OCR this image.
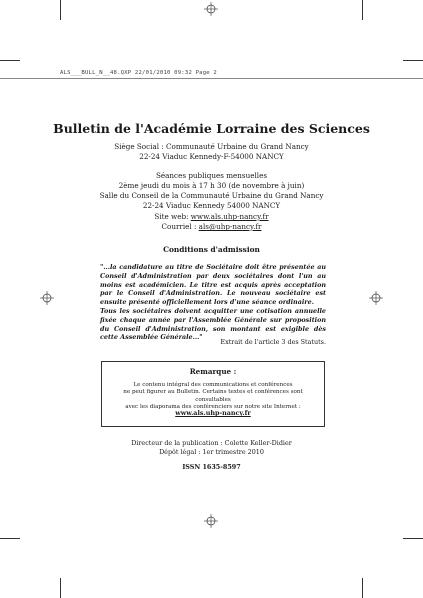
ALS___BULL_N__48.QXP 22/01/2010 09:32 Page 2
Bulletin de l'Académie Lorraine des Sciences
Siège Social : Communauté Urbaine du Grand Nancy
22-24 Viaduc Kennedy-F-54000 NANCY
Séances publiques mensuelles
2ème jeudi du mois à 17 h 30 (de novembre à juin)
Salle du Conseil de la Communauté Urbaine du Grand Nancy
22-24 Viaduc Kennedy 54000 NANCY
Site web: www.als.uhp-nancy.fr
Courriel : als@uhp-nancy.fr
Conditions d'admission

"...la candidature au titre de Sociétaire doit être présentée au Conseil d'Administration par deux sociétaires dont l'un au moins est académicien. Le titre est acquis après acceptation par le Conseil d'Administration. Le nouveau sociétaire est ensuite présenté officiellement lors d'une séance ordinaire.

Tous les sociétaires doivent acquitter une cotisation annuelle fixée chaque année par l'Assemblée Générale sur proposition du Conseil d'Administration, son montant est exigible dès cette Assemblée Générale..."

Extrait de l'article 3 des Statuts.
Remarque :
Le contenu intégral des communications et conférences
ne peut figurer au Bulletin. Certains textes et conférences sont consultables
avec les diaporama des conférenciers sur notre site Internet :
www.als.uhp-nancy.fr
Directeur de la publication : Colette Keller-Didier
Dépôt légal : 1er trimestre 2010
ISSN 1635-8597
